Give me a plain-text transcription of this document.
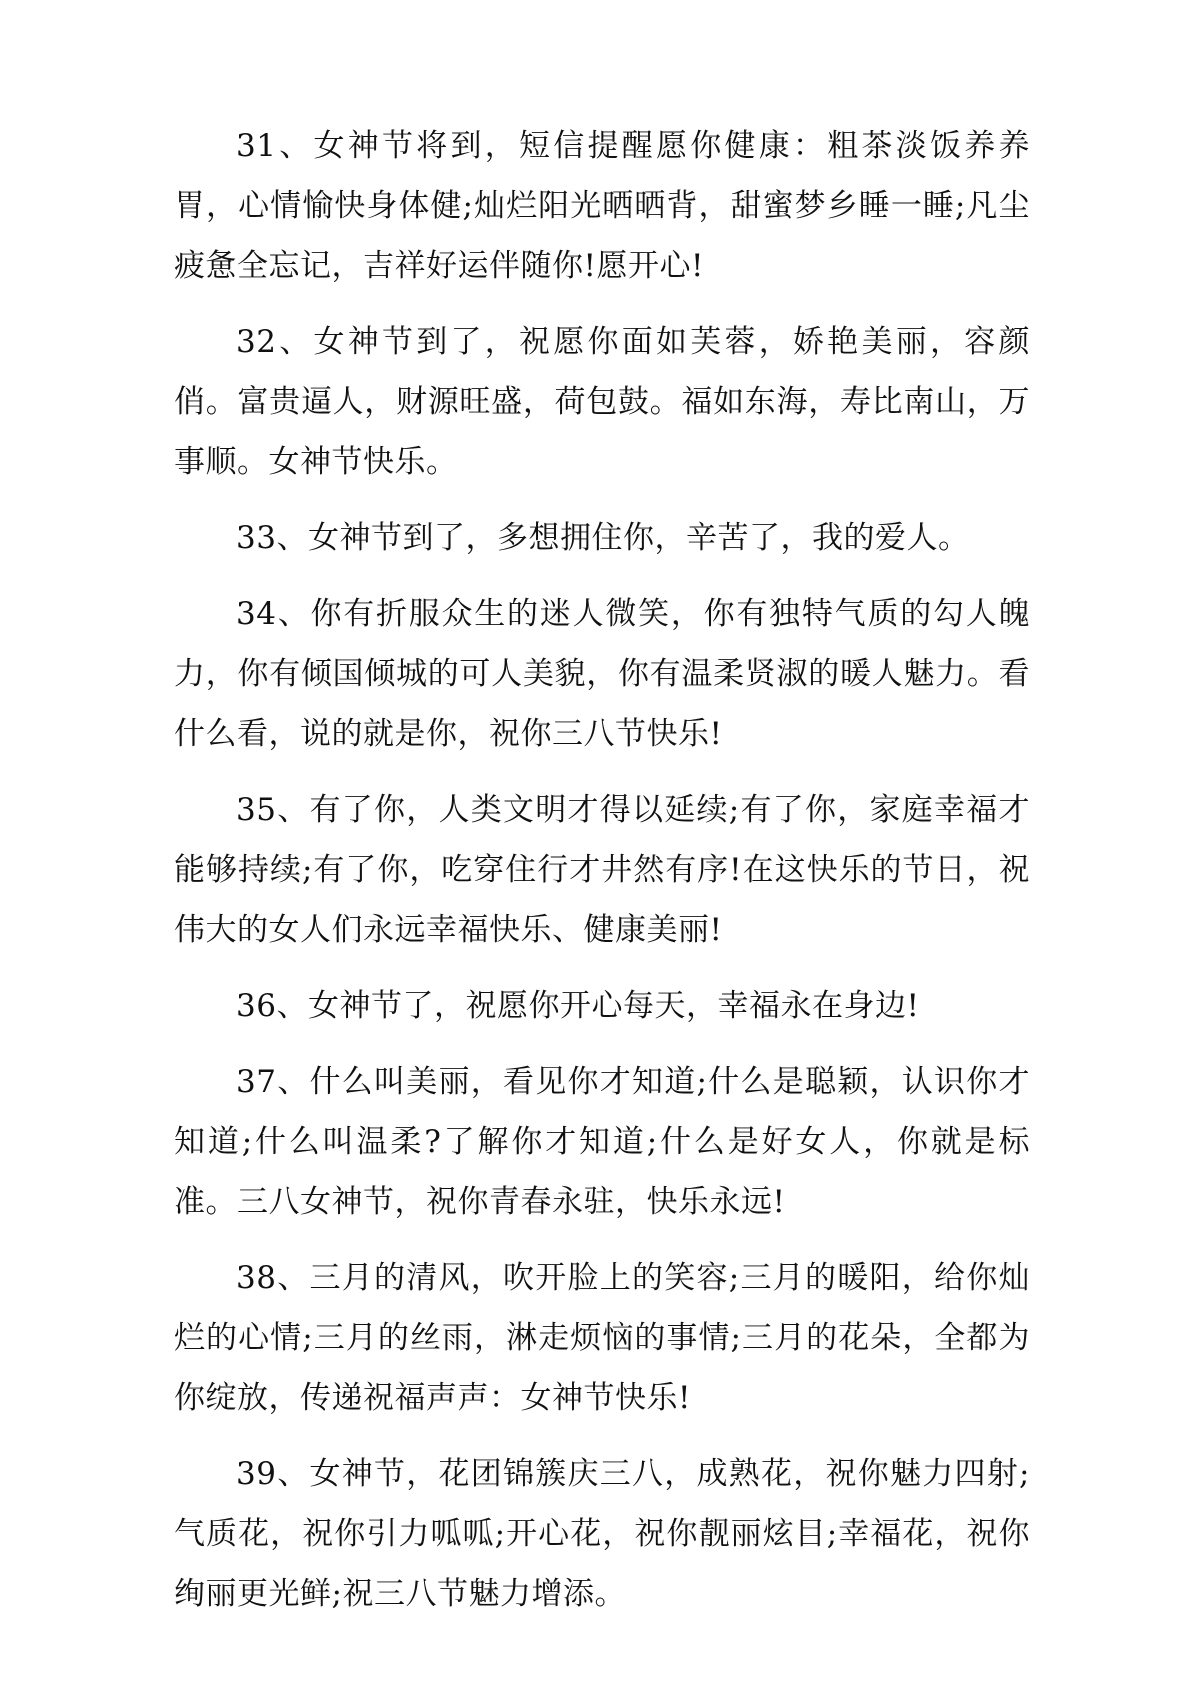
31、女神节将到，短信提醒愿你健康：粗茶淡饭养养胃，心情愉快身体健;灿烂阳光晒晒背，甜蜜梦乡睡一睡;凡尘疲惫全忘记，吉祥好运伴随你!愿开心!

32、女神节到了，祝愿你面如芙蓉，娇艳美丽，容颜俏。富贵逼人，财源旺盛，荷包鼓。福如东海，寿比南山，万事顺。女神节快乐。

33、女神节到了，多想拥住你，辛苦了，我的爱人。

34、你有折服众生的迷人微笑，你有独特气质的勾人魄力，你有倾国倾城的可人美貌，你有温柔贤淑的暖人魅力。看什么看，说的就是你，祝你三八节快乐!

35、有了你，人类文明才得以延续;有了你，家庭幸福才能够持续;有了你，吃穿住行才井然有序!在这快乐的节日，祝伟大的女人们永远幸福快乐、健康美丽!

36、女神节了，祝愿你开心每天，幸福永在身边!

37、什么叫美丽，看见你才知道;什么是聪颖，认识你才知道;什么叫温柔?了解你才知道;什么是好女人，你就是标准。三八女神节，祝你青春永驻，快乐永远!

38、三月的清风，吹开脸上的笑容;三月的暖阳，给你灿烂的心情;三月的丝雨，淋走烦恼的事情;三月的花朵，全都为你绽放，传递祝福声声：女神节快乐!

39、女神节，花团锦簇庆三八，成熟花，祝你魅力四射;气质花，祝你引力呱呱;开心花，祝你靓丽炫目;幸福花，祝你绚丽更光鲜;祝三八节魅力增添。
